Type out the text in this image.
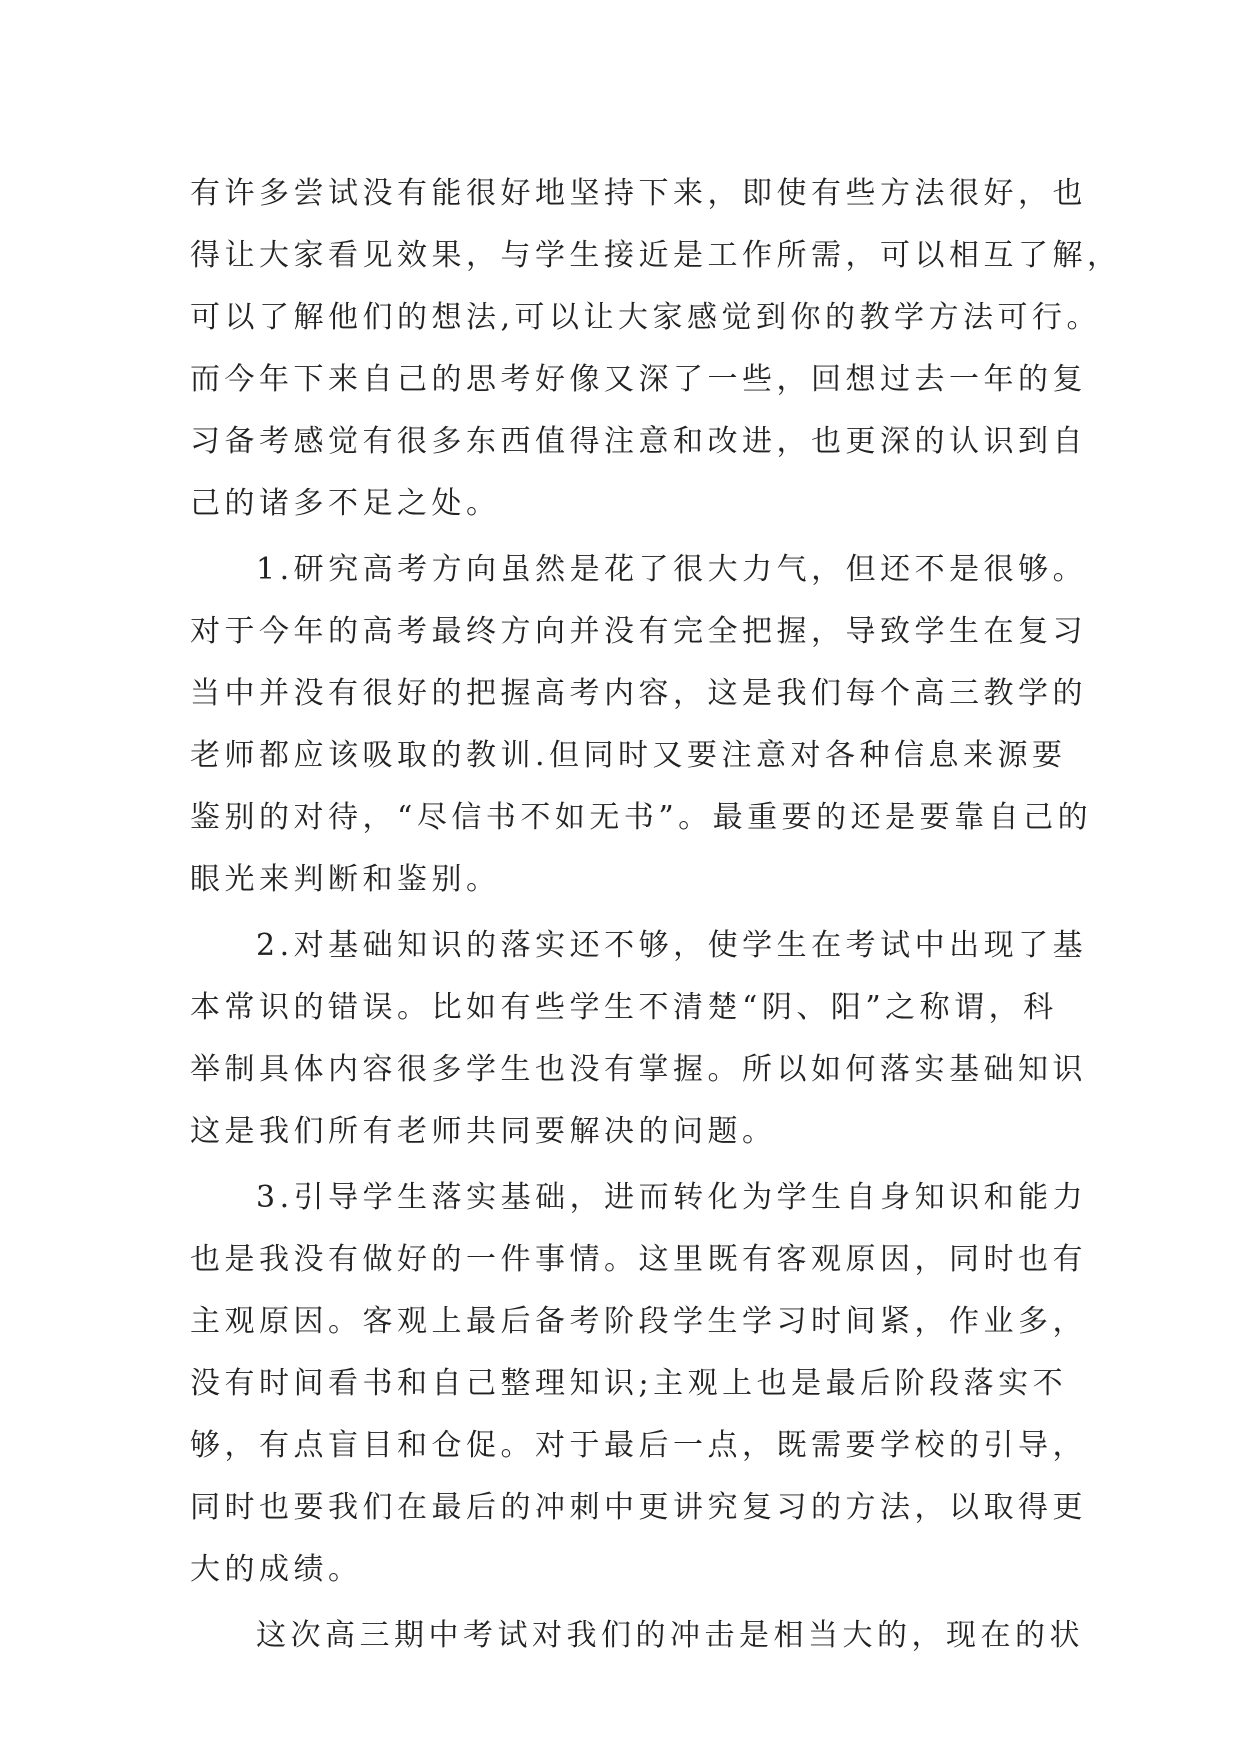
有许多尝试没有能很好地坚持下来，即使有些方法很好，也
得让大家看见效果，与学生接近是工作所需，可以相互了解，
可以了解他们的想法,可以让大家感觉到你的教学方法可行。
而今年下来自己的思考好像又深了一些，回想过去一年的复
习备考感觉有很多东西值得注意和改进，也更深的认识到自
己的诸多不足之处。
1.研究高考方向虽然是花了很大力气，但还不是很够。
对于今年的高考最终方向并没有完全把握，导致学生在复习
当中并没有很好的把握高考内容，这是我们每个高三教学的
老师都应该吸取的教训.但同时又要注意对各种信息来源要
鉴别的对待，“尽信书不如无书”。最重要的还是要靠自己的
眼光来判断和鉴别。
2.对基础知识的落实还不够，使学生在考试中出现了基
本常识的错误。比如有些学生不清楚“阴、阳”之称谓，科
举制具体内容很多学生也没有掌握。所以如何落实基础知识
这是我们所有老师共同要解决的问题。
3.引导学生落实基础，进而转化为学生自身知识和能力
也是我没有做好的一件事情。这里既有客观原因，同时也有
主观原因。客观上最后备考阶段学生学习时间紧，作业多，
没有时间看书和自己整理知识;主观上也是最后阶段落实不
够，有点盲目和仓促。对于最后一点，既需要学校的引导，
同时也要我们在最后的冲刺中更讲究复习的方法，以取得更
大的成绩。
这次高三期中考试对我们的冲击是相当大的，现在的状
